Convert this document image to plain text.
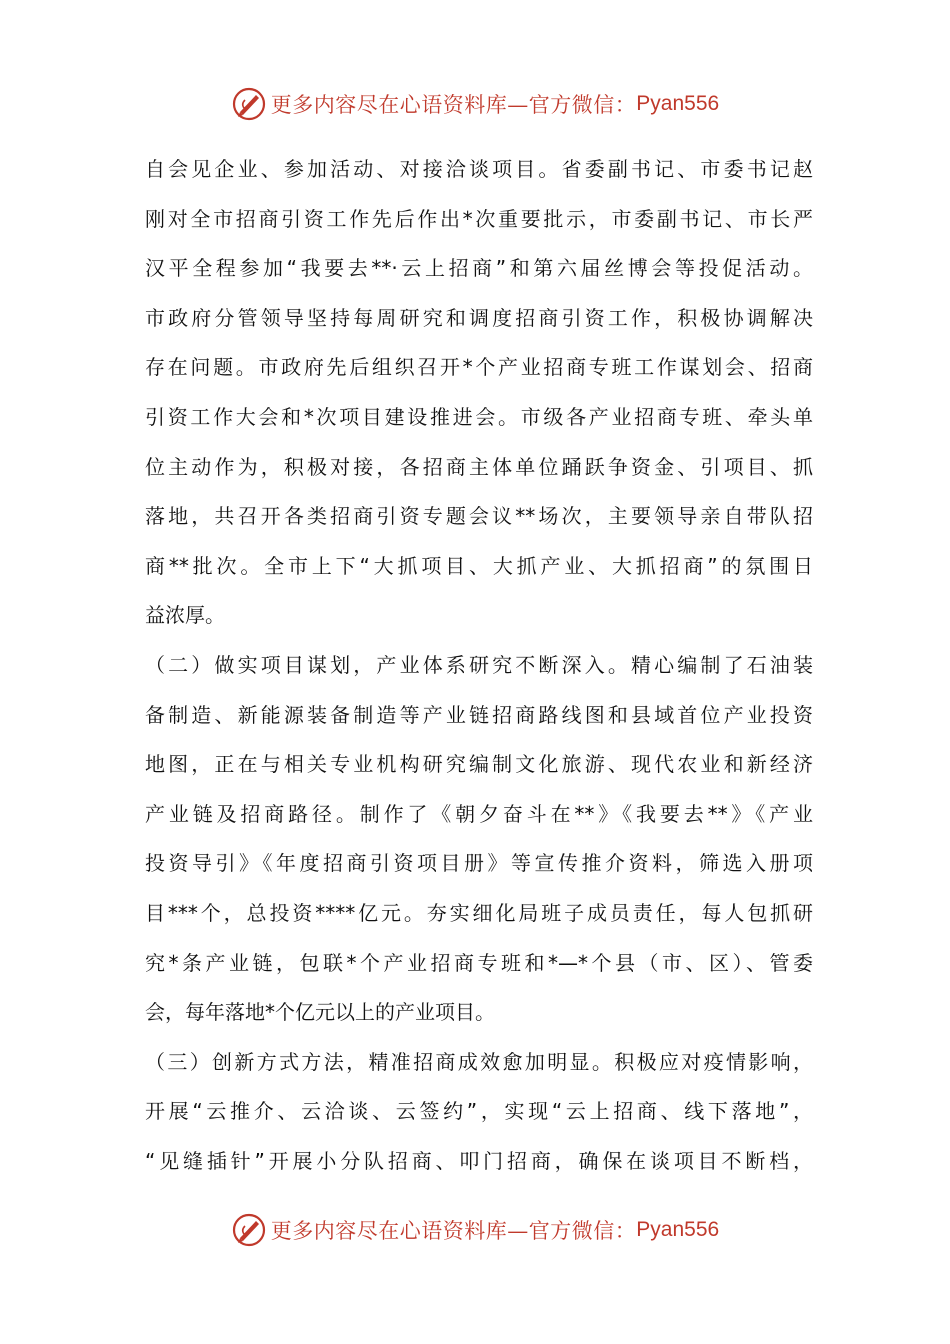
更多内容尽在心语资料库—官方微信： Pyan556
自会见企业、参加活动、对接洽谈项目。省委副书记、市委书记赵
刚对全市招商引资工作先后作出*次重要批示，市委副书记、市长严
汉平全程参加“我要去**·云上招商”和第六届丝博会等投促活动。
市政府分管领导坚持每周研究和调度招商引资工作，积极协调解决
存在问题。市政府先后组织召开*个产业招商专班工作谋划会、招商
引资工作大会和*次项目建设推进会。市级各产业招商专班、牵头单
位主动作为，积极对接，各招商主体单位踊跃争资金、引项目、抓
落地，共召开各类招商引资专题会议**场次，主要领导亲自带队招
商**批次。全市上下“大抓项目、大抓产业、大抓招商”的氛围日
益浓厚。
（二）做实项目谋划，产业体系研究不断深入。精心编制了石油装
备制造、新能源装备制造等产业链招商路线图和县域首位产业投资
地图，正在与相关专业机构研究编制文化旅游、现代农业和新经济
产业链及招商路径。制作了《朝夕奋斗在**》《我要去**》《产业
投资导引》《年度招商引资项目册》等宣传推介资料，筛选入册项
目***个，总投资****亿元。夯实细化局班子成员责任，每人包抓研
究*条产业链，包联*个产业招商专班和*—*个县（市、区）、管委
会，每年落地*个亿元以上的产业项目。
（三）创新方式方法，精准招商成效愈加明显。积极应对疫情影响，
开展“云推介、云洽谈、云签约”，实现“云上招商、线下落地”，
“见缝插针”开展小分队招商、叩门招商，确保在谈项目不断档，
更多内容尽在心语资料库—官方微信： Pyan556
